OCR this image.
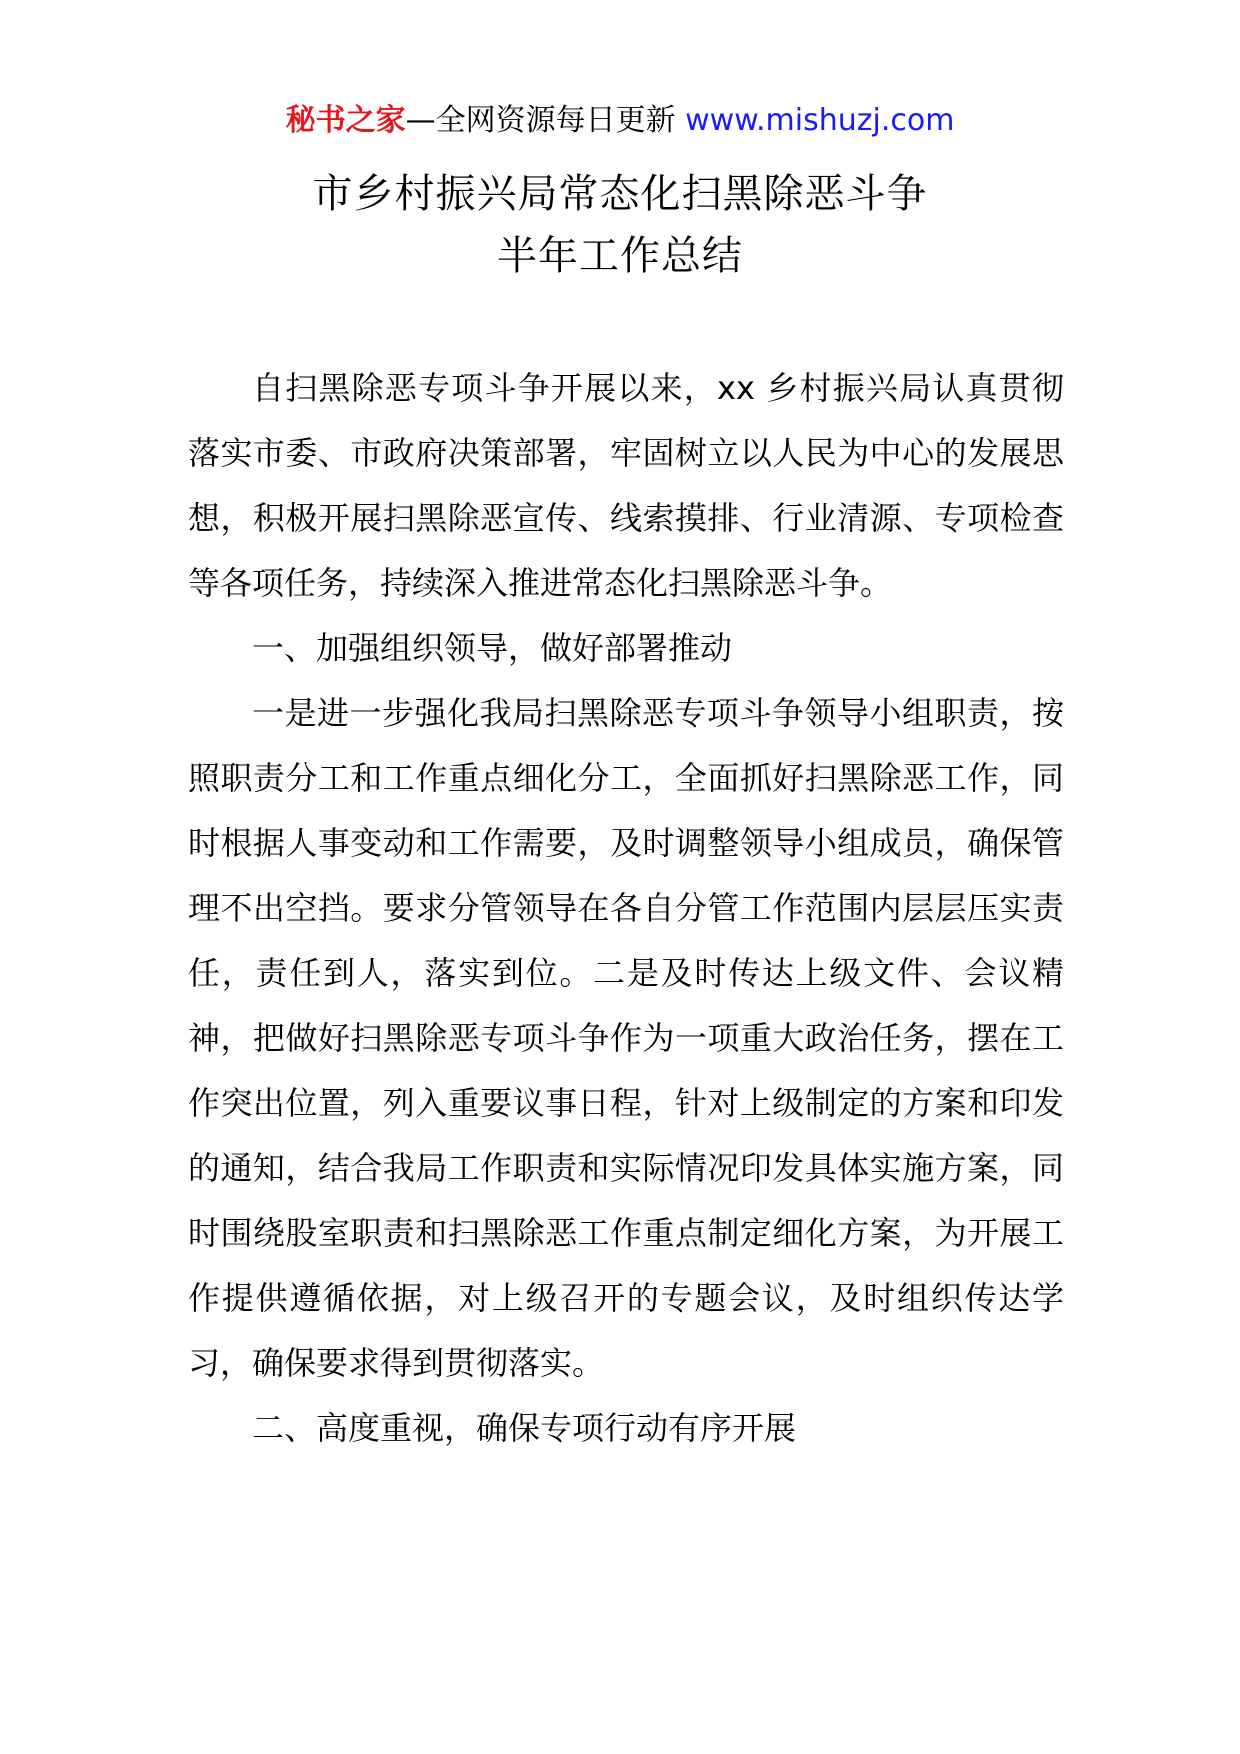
秘书之家—全网资源每日更新 www.mishuzj.com
市乡村振兴局常态化扫黑除恶斗争
半年工作总结

自扫黑除恶专项斗争开展以来，xx 乡村振兴局认真贯彻落实市委、市政府决策部署，牢固树立以人民为中心的发展思想，积极开展扫黑除恶宣传、线索摸排、行业清源、专项检查等各项任务，持续深入推进常态化扫黑除恶斗争。

一、加强组织领导，做好部署推动

一是进一步强化我局扫黑除恶专项斗争领导小组职责，按照职责分工和工作重点细化分工，全面抓好扫黑除恶工作，同时根据人事变动和工作需要，及时调整领导小组成员，确保管理不出空挡。要求分管领导在各自分管工作范围内层层压实责任，责任到人，落实到位。二是及时传达上级文件、会议精神，把做好扫黑除恶专项斗争作为一项重大政治任务，摆在工作突出位置，列入重要议事日程，针对上级制定的方案和印发的通知，结合我局工作职责和实际情况印发具体实施方案，同时围绕股室职责和扫黑除恶工作重点制定细化方案，为开展工作提供遵循依据，对上级召开的专题会议，及时组织传达学习，确保要求得到贯彻落实。

二、高度重视，确保专项行动有序开展
